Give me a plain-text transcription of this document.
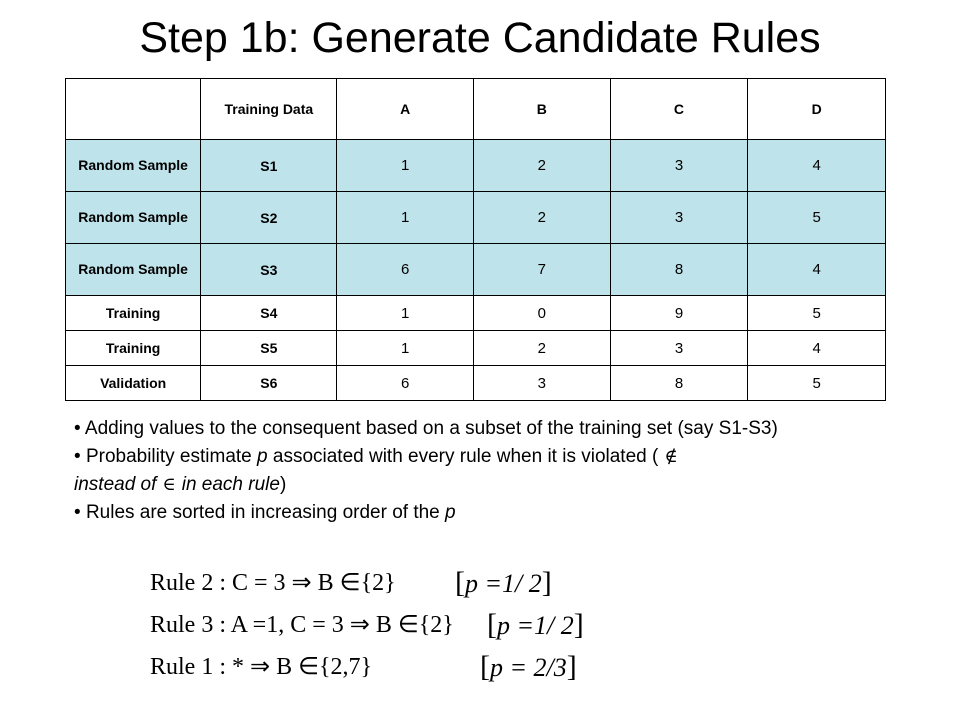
Step 1b: Generate Candidate Rules
	Training Data	A	B	C	D
Random Sample	S1	1	2	3	4
Random Sample	S2	1	2	3	5
Random Sample	S3	6	7	8	4
Training	S4	1	0	9	5
Training	S5	1	2	3	4
Validation	S6	6	3	8	5

• Adding values to the consequent based on a subset of the training set (say S1-S3)

• Probability estimate p associated with every rule when it is violated ( ∉
instead of ∈ in each rule)

• Rules are sorted in increasing order of the p

Rule 2 : C = 3 ⇒ B ∈{2} [p =1/ 2]
Rule 3 : A =1, C = 3 ⇒ B ∈{2} [p =1/ 2]
Rule 1 : * ⇒ B ∈{2,7}	[p = 2/3]
